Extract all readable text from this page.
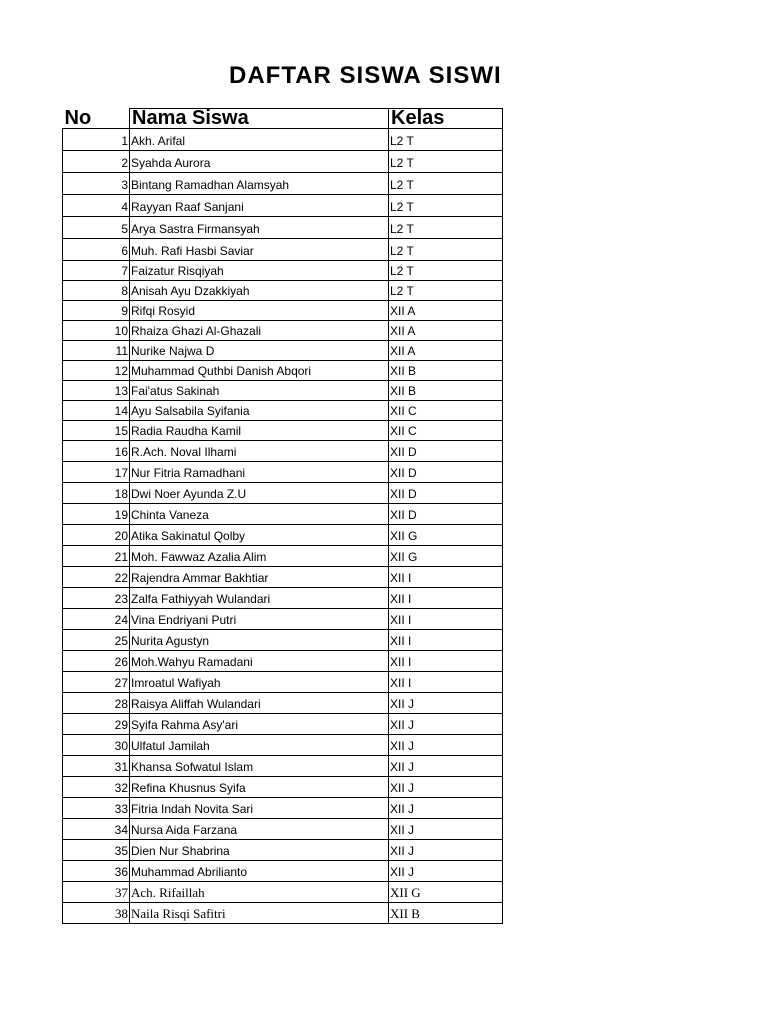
DAFTAR SISWA SISWI
No	Nama Siswa	Kelas
1	Akh. Arifal	L2 T
2	Syahda Aurora	L2 T
3	Bintang Ramadhan Alamsyah	L2 T
4	Rayyan Raaf Sanjani	L2 T
5	Arya Sastra Firmansyah	L2 T
6	Muh. Rafi Hasbi Saviar	L2 T
7	Faizatur Risqiyah	L2 T
8	Anisah Ayu Dzakkiyah	L2 T
9	Rifqi Rosyid	XII A
10	Rhaiza Ghazi Al-Ghazali	XII A
11	Nurike Najwa D	XII A
12	Muhammad Quthbi Danish Abqori	XII B
13	Fai'atus Sakinah	XII B
14	Ayu Salsabila Syifania	XII C
15	Radia Raudha Kamil	XII C
16	R.Ach. Noval Ilhami	XII D
17	Nur Fitria Ramadhani	XII D
18	Dwi Noer Ayunda Z.U	XII D
19	Chinta Vaneza	XII D
20	Atika Sakinatul Qolby	XII G
21	Moh. Fawwaz Azalia Alim	XII G
22	Rajendra Ammar Bakhtiar	XII I
23	Zalfa Fathiyyah Wulandari	XII I
24	Vina Endriyani Putri	XII I
25	Nurita Agustyn	XII I
26	Moh.Wahyu Ramadani	XII I
27	Imroatul Wafiyah	XII I
28	Raisya Aliffah Wulandari	XII J
29	Syifa Rahma Asy'ari	XII J
30	Ulfatul Jamilah	XII J
31	Khansa Sofwatul Islam	XII J
32	Refina Khusnus Syifa	XII J
33	Fitria Indah Novita Sari	XII J
34	Nursa Aida Farzana	XII J
35	Dien Nur Shabrina	XII J
36	Muhammad Abrilianto	XII J
37	Ach. Rifaillah	XII G
38	Naila Risqi Safitri	XII B
